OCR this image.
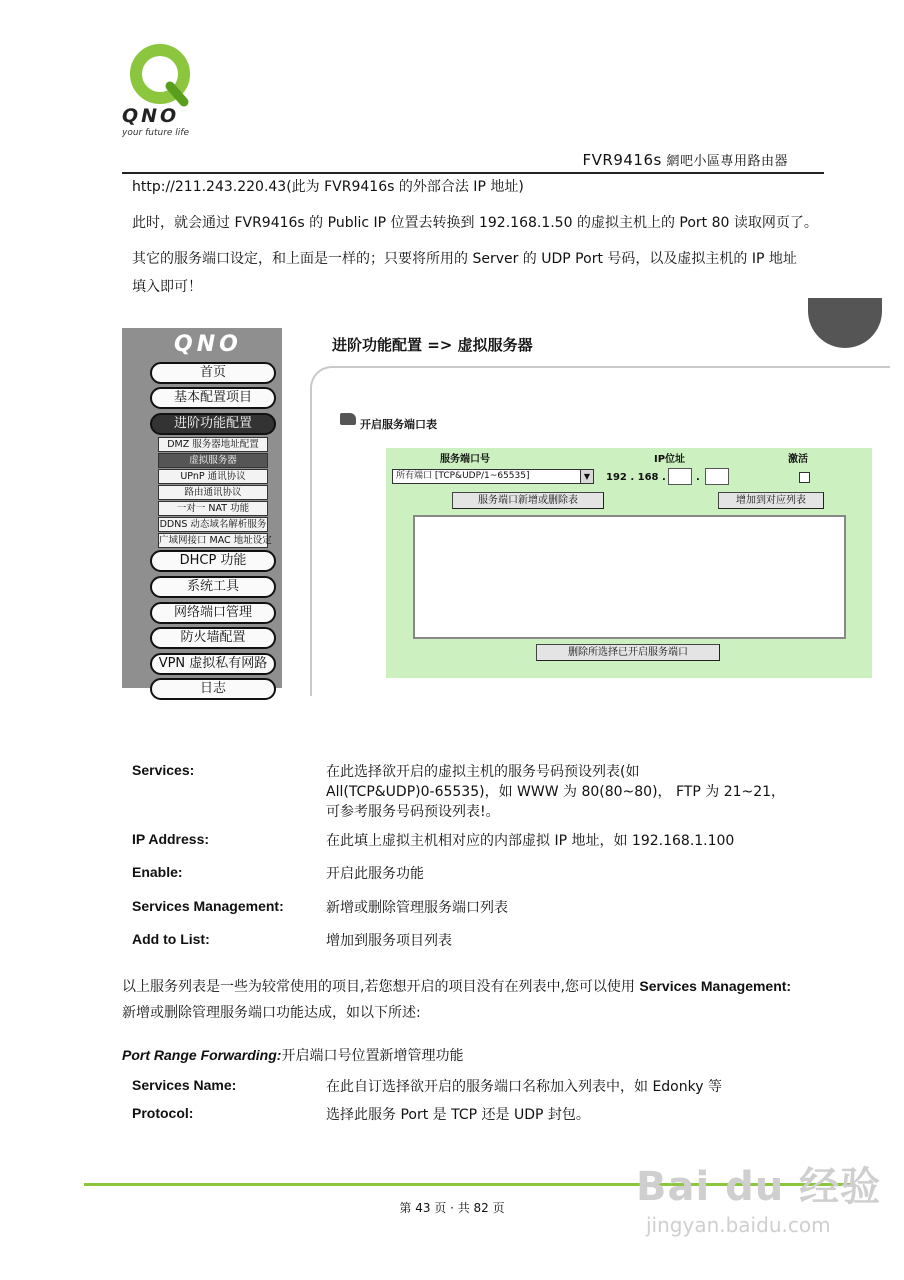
QNO
your future life
FVR9416s 網吧小區專用路由器
http://211.243.220.43(此为 FVR9416s 的外部合法 IP 地址)
此时，就会通过 FVR9416s 的 Public IP 位置去转换到 192.168.1.50 的虚拟主机上的 Port 80 读取网页了。
其它的服务端口设定，和上面是一样的；只要将所用的 Server 的 UDP Port 号码，以及虚拟主机的 IP 地址
填入即可！
QNO
首页
基本配置项目
进阶功能配置
DMZ 服务器地址配置
虚拟服务器
UPnP 通讯协议
路由通讯协议
一对一 NAT 功能
DDNS 动态域名解析服务
广域网接口 MAC 地址设定
DHCP 功能
系统工具
网络端口管理
防火墙配置
VPN 虚拟私有网路
日志
进阶功能配置 => 虚拟服务器
开启服务端口表
服务端口号	IP位址	激活
所有端口 [TCP&UDP/1~65535]	▼ 192 . 168 .	.
服务端口新增或删除表	增加到对应列表
删除所选择已开启服务端口
Services:	在此选择欲开启的虚拟主机的服务号码预设列表(如
All(TCP&UDP)0-65535)，如 WWW 为 80(80~80)， FTP 为 21~21，
可参考服务号码预设列表!。
IP Address:	在此填上虚拟主机相对应的内部虚拟 IP 地址，如 192.168.1.100
Enable:	开启此服务功能
Services Management:	新增或删除管理服务端口列表
Add to List:	增加到服务项目列表
以上服务列表是一些为较常使用的项目,若您想开启的项目没有在列表中,您可以使用 Services Management:
新增或删除管理服务端口功能达成，如以下所述:
Port Range Forwarding:开启端口号位置新增管理功能
Services Name:	在此自订选择欲开启的服务端口名称加入列表中，如 Edonky 等
Protocol:	选择此服务 Port 是 TCP 还是 UDP 封包。
第 43 页 · 共 82 页	Bai du 经验
jingyan.baidu.com
